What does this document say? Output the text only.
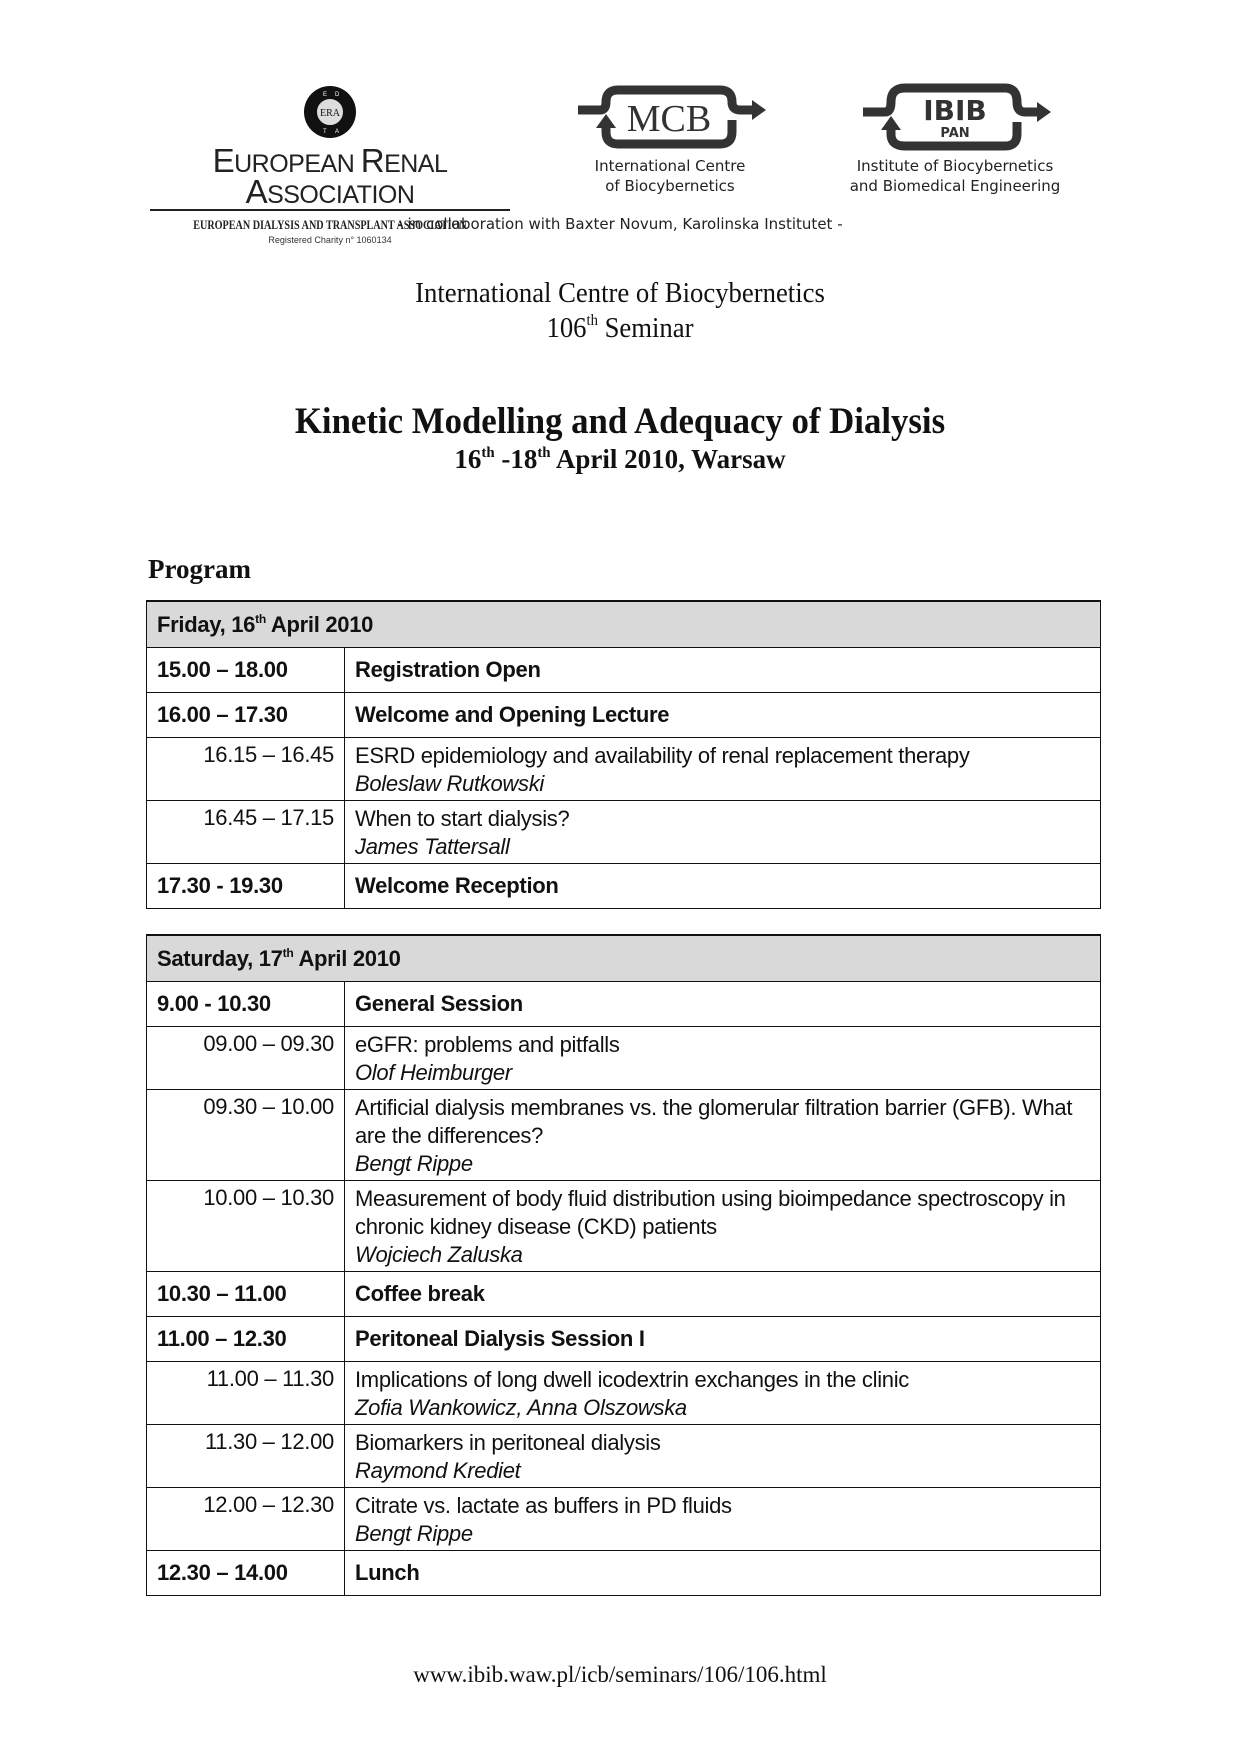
ERA
E D
T A
EUROPEAN RENAL ASSOCIATION
EUROPEAN DIALYSIS AND TRANSPLANT ASSOCIATION
Registered Charity n° 1060134
MCB
International Centre
of Biocybernetics
IBIB
PAN
Institute of Biocybernetics
and Biomedical Engineering
- in collaboration with Baxter Novum, Karolinska Institutet -
International Centre of Biocybernetics
106th Seminar
Kinetic Modelling and Adequacy of Dialysis
16th -18th April 2010, Warsaw
Program
Friday, 16th April 2010	
15.00 – 18.00	Registration Open
16.00 – 17.30	Welcome and Opening Lecture
16.15 – 16.45	ESRD epidemiology and availability of renal replacement therapy
Boleslaw Rutkowski

16.45 – 17.15	When to start dialysis?
James Tattersall

17.30 - 19.30	Welcome Reception
Saturday, 17th April 2010	
9.00 - 10.30	General Session
09.00 – 09.30	eGFR: problems and pitfalls
Olof Heimburger

09.30 – 10.00	Artificial dialysis membranes vs. the glomerular filtration barrier (GFB). What are the differences?
Bengt Rippe

10.00 – 10.30	Measurement of body fluid distribution using bioimpedance spectroscopy in chronic kidney disease (CKD) patients
Wojciech Zaluska

10.30 – 11.00	Coffee break
11.00 – 12.30	Peritoneal Dialysis Session I
11.00 – 11.30	Implications of long dwell icodextrin exchanges in the clinic
Zofia Wankowicz, Anna Olszowska

11.30 – 12.00	Biomarkers in peritoneal dialysis
Raymond Krediet

12.00 – 12.30	Citrate vs. lactate as buffers in PD fluids
Bengt Rippe

12.30 – 14.00	Lunch
www.ibib.waw.pl/icb/seminars/106/106.html
